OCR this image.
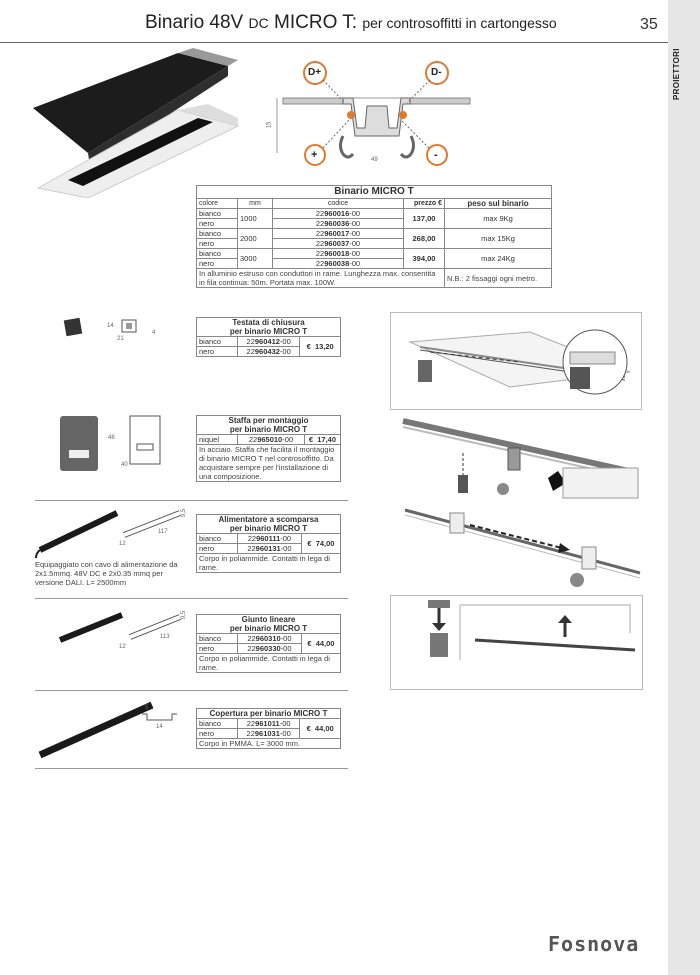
Binario 48V DC MICRO T: per controsoffitti in cartongesso	35
PROIETTORI
D+	D-
+	-
15
49
Binario MICRO T				
colore	mm	codice	prezzo €	peso sul binario
bianco	1000	22960016-00	137,00	max 9Kg
nero		22960036-00		
bianco	2000	22960017-00	268,00	max 15Kg
nero		22960037-00		
bianco	3000	22960018-00	394,00	max 24Kg
nero		22960038-00		
In alluminio estruso con conduttori in rame. Lunghezza max. consentita in fila continua: 50m. Portata max. 100W.				N.B.: 2 fissaggi ogni metro.
14
21
4
Testata di chiusura
per binario MICRO T		
bianco	22960412-00	€ 13,20
nero	22960432-00	
48
40
Staffa per montaggio
per binario MICRO T
niquel	22965010-00	€ 17,40
In acciaio. Staffa che facilita il montaggio di binario MICRO T nel controsoffitto. Da acquistare sempre per l'installazione di una composizione.
12
117
9,5
Equipaggiato con cavo di alimentazione da 2x1.5mmq. 48V DC e 2x0.35 mmq per versione DALI. L= 2500mm
Alimentatore a scomparsa
per binario MICRO T		
bianco	22960111-00	€ 74,00
nero	22960131-00	
Corpo in poliammide. Contatti in lega di rame.		
12
113
9,5	Giunto lineare
per binario MICRO T		
bianco	22960310-00	€ 44,00
nero	22960330-00	
Corpo in poliammide. Contatti in lega di rame.		
5
14
Copertura per binario MICRO T		
bianco	22961011-00	€ 44,00
nero	22961031-00	
Corpo in PMMA. L= 3000 mm.		
Fosnova
